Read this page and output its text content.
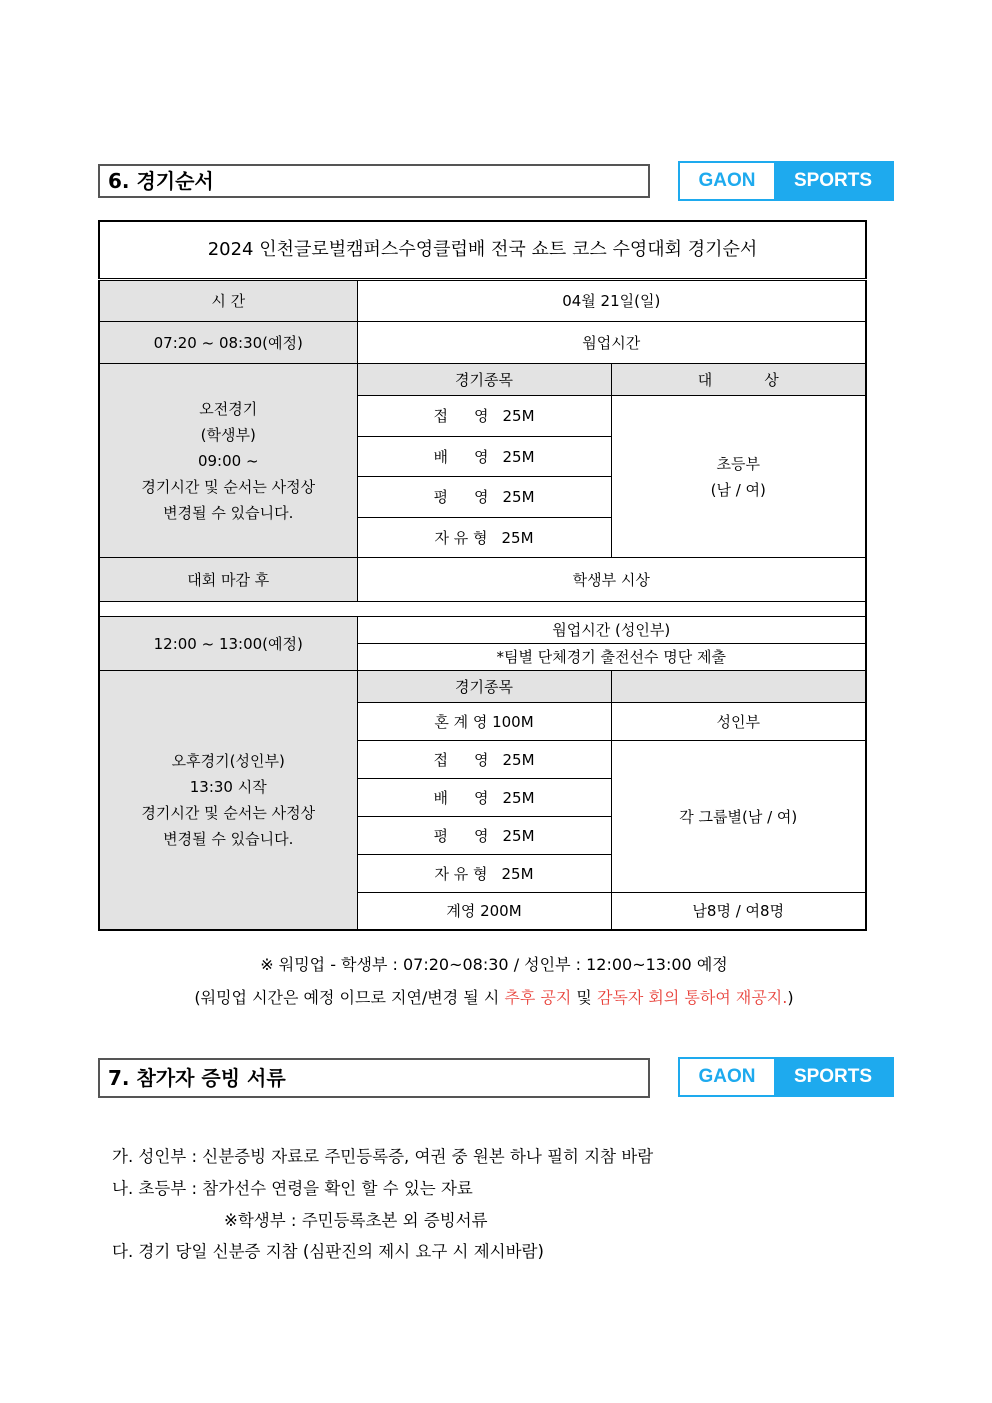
6. 경기순서	GAON	SPORTS
2024 인천글로벌캠퍼스수영클럽배 전국 쇼트 코스 수영대회 경기순서		
시 간	04월 21일(일)	
07:20 ~ 08:30(예정)	웜업시간	

오전경기
(학생부)
09:00 ~
경기시간 및 순서는 사정상
변경될 수 있습니다.	경기종목	대 상
	접 영 25M	초등부
(남 / 여)

	배 영 25M	
	평 영 25M	
	자 유 형 25M	
대회 마감 후	학생부 시상	

12:00 ~ 13:00(예정)	웜업시간 (성인부)	
	*팀별 단체경기 출전선수 명단 제출	

오후경기(성인부)
13:30 시작
경기시간 및 순서는 사정상
변경될 수 있습니다.	경기종목	
	혼 계 영 100M	성인부
	접 영 25M	각 그룹별(남 / 여)
	배 영 25M	
	평 영 25M	
	자 유 형 25M	
	계영 200M	남8명 / 여8명
※ 워밍업 - 학생부 : 07:20~08:30 / 성인부 : 12:00~13:00 예정
(워밍업 시간은 예정 이므로 지연/변경 될 시 추후 공지 및 감독자 회의 통하여 재공지.)
7. 참가자 증빙 서류	GAON	SPORTS
가. 성인부 : 신분증빙 자료로 주민등록증, 여권 중 원본 하나 필히 지참 바람
나. 초등부 : 참가선수 연령을 확인 할 수 있는 자료
※학생부 : 주민등록초본 외 증빙서류
다. 경기 당일 신분증 지참 (심판진의 제시 요구 시 제시바람)
